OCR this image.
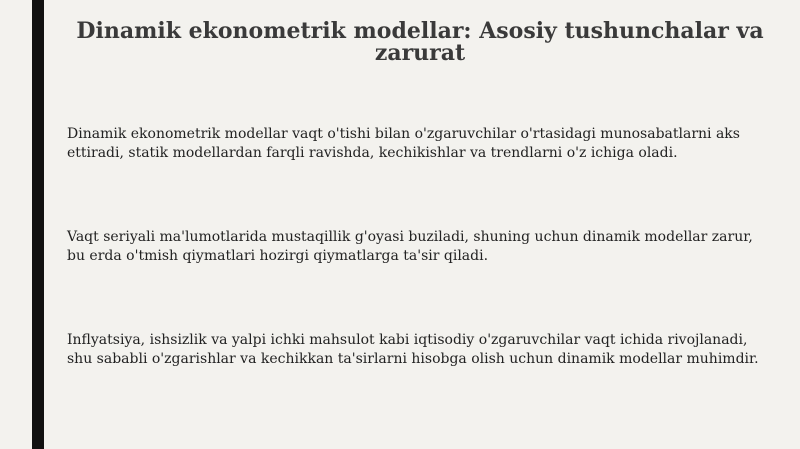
Dinamik ekonometrik modellar: Asosiy tushunchalar va zarurat

Dinamik ekonometrik modellar vaqt o'tishi bilan o'zgaruvchilar o'rtasidagi munosabatlarni aks ettiradi, statik modellardan farqli ravishda, kechikishlar va trendlarni o'z ichiga oladi.

Vaqt seriyali ma'lumotlarida mustaqillik g'oyasi buziladi, shuning uchun dinamik modellar zarur, bu erda o'tmish qiymatlari hozirgi qiymatlarga ta'sir qiladi.

Inflyatsiya, ishsizlik va yalpi ichki mahsulot kabi iqtisodiy o'zgaruvchilar vaqt ichida rivojlanadi, shu sababli o'zgarishlar va kechikkan ta'sirlarni hisobga olish uchun dinamik modellar muhimdir.
